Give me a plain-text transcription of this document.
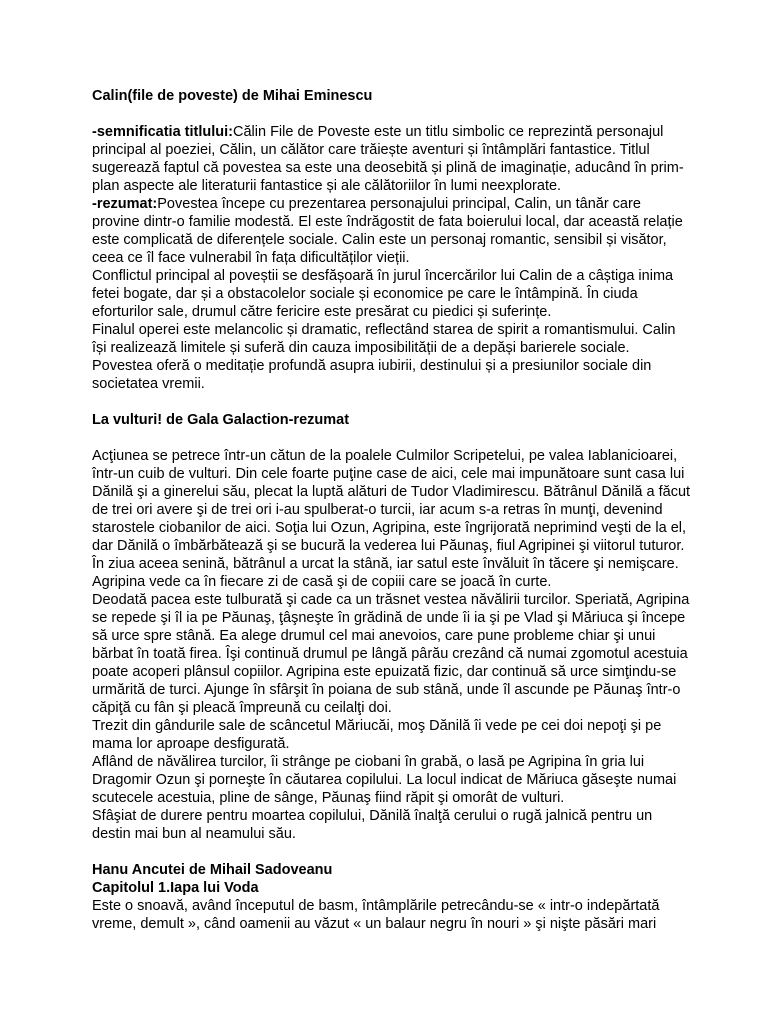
Calin(file de poveste) de Mihai Eminescu

-semnificatia titlului:Călin File de Poveste este un titlu simbolic ce reprezintă personajul principal al poeziei, Călin, un călător care trăiește aventuri și întâmplări fantastice. Titlul sugerează faptul că povestea sa este una deosebită și plină de imaginație, aducând în prim-plan aspecte ale literaturii fantastice și ale călătoriilor în lumi neexplorate.

-rezumat:Povestea începe cu prezentarea personajului principal, Calin, un tânăr care provine dintr-o familie modestă. El este îndrăgostit de fata boierului local, dar această relație este complicată de diferențele sociale. Calin este un personaj romantic, sensibil și visător, ceea ce îl face vulnerabil în fața dificultăților vieții.

Conflictul principal al poveștii se desfășoară în jurul încercărilor lui Calin de a câștiga inima fetei bogate, dar și a obstacolelor sociale și economice pe care le întâmpină. În ciuda eforturilor sale, drumul către fericire este presărat cu piedici și suferințe.

Finalul operei este melancolic și dramatic, reflectând starea de spirit a romantismului. Calin își realizează limitele și suferă din cauza imposibilității de a depăși barierele sociale. Povestea oferă o meditație profundă asupra iubirii, destinului și a presiunilor sociale din societatea vremii.

La vulturi! de Gala Galaction-rezumat

Acţiunea se petrece într-un cătun de la poalele Culmilor Scripetelui, pe valea Iablanicioarei, într-un cuib de vulturi. Din cele foarte puţine case de aici, cele mai impunătoare sunt casa lui Dănilă şi a ginerelui său, plecat la luptă alături de Tudor Vladimirescu. Bătrânul Dănilă a făcut de trei ori avere şi de trei ori i-au spulberat-o turcii, iar acum s-a retras în munţi, devenind starostele ciobanilor de aici. Soţia lui Ozun, Agripina, este îngrijorată neprimind veşti de la el, dar Dănilă o îmbărbătează şi se bucură la vederea lui Păunaş, fiul Agripinei şi viitorul tuturor.

În ziua aceea senină, bătrânul a urcat la stână, iar satul este învăluit în tăcere şi nemişcare. Agripina vede ca în fiecare zi de casă şi de copiii care se joacă în curte.

Deodată pacea este tulburată şi cade ca un trăsnet vestea năvălirii turcilor. Speriată, Agripina se repede şi îl ia pe Păunaş, ţâşneşte în grădină de unde îi ia şi pe Vlad şi Măriuca şi începe să urce spre stână. Ea alege drumul cel mai anevoios, care pune probleme chiar şi unui bărbat în toată firea. Îşi continuă drumul pe lângă pârău crezând că numai zgomotul acestuia poate acoperi plânsul copiilor. Agripina este epuizată fizic, dar continuă să urce simţindu-se urmărită de turci. Ajunge în sfârşit în poiana de sub stână, unde îl ascunde pe Păunaş într-o căpiţă cu fân şi pleacă împreună cu ceilalţi doi.

Trezit din gândurile sale de scâncetul Măriucăi, moş Dănilă îi vede pe cei doi nepoţi şi pe mama lor aproape desfigurată.

Aflând de năvălirea turcilor, îi strânge pe ciobani în grabă, o lasă pe Agripina în gria lui Dragomir Ozun şi porneşte în căutarea copilului. La locul indicat de Măriuca găseşte numai scutecele acestuia, pline de sânge, Păunaş fiind răpit şi omorât de vulturi.

Sfâşiat de durere pentru moartea copilului, Dănilă înalţă cerului o rugă jalnică pentru un destin mai bun al neamului său.

Hanu Ancutei de Mihail Sadoveanu

Capitolul 1.Iapa lui Voda

Este o snoavă, având începutul de basm, întâmplările petrecându-se « intr-o indepărtată vreme, demult », când oamenii au văzut « un balaur negru în nouri » şi nişte păsări mari
